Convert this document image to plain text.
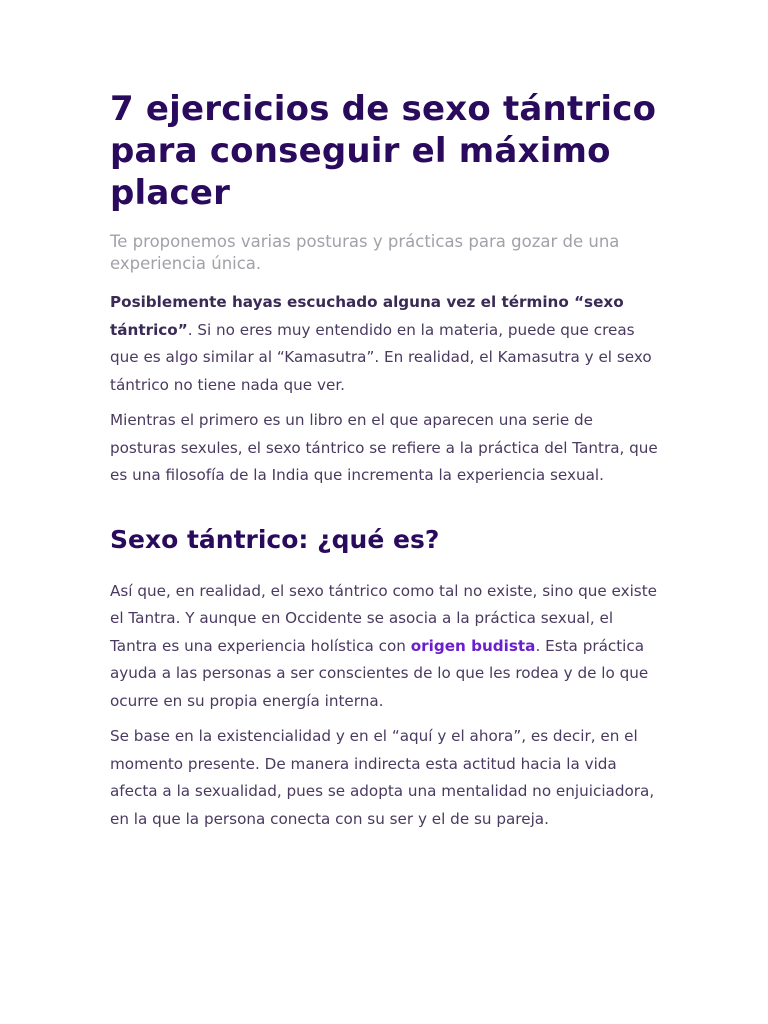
7 ejercicios de sexo tántrico para conseguir el máximo placer

Te proponemos varias posturas y prácticas para gozar de una experiencia única.

Posiblemente hayas escuchado alguna vez el término “sexo tántrico”. Si no eres muy entendido en la materia, puede que creas que es algo similar al “Kamasutra”. En realidad, el Kamasutra y el sexo tántrico no tiene nada que ver.

Mientras el primero es un libro en el que aparecen una serie de posturas sexules, el sexo tántrico se refiere a la práctica del Tantra, que es una filosofía de la India que incrementa la experiencia sexual.

Sexo tántrico: ¿qué es?

Así que, en realidad, el sexo tántrico como tal no existe, sino que existe el Tantra. Y aunque en Occidente se asocia a la práctica sexual, el Tantra es una experiencia holística con origen budista. Esta práctica ayuda a las personas a ser conscientes de lo que les rodea y de lo que ocurre en su propia energía interna.

Se base en la existencialidad y en el “aquí y el ahora”, es decir, en el momento presente. De manera indirecta esta actitud hacia la vida afecta a la sexualidad, pues se adopta una mentalidad no enjuiciadora, en la que la persona conecta con su ser y el de su pareja.
